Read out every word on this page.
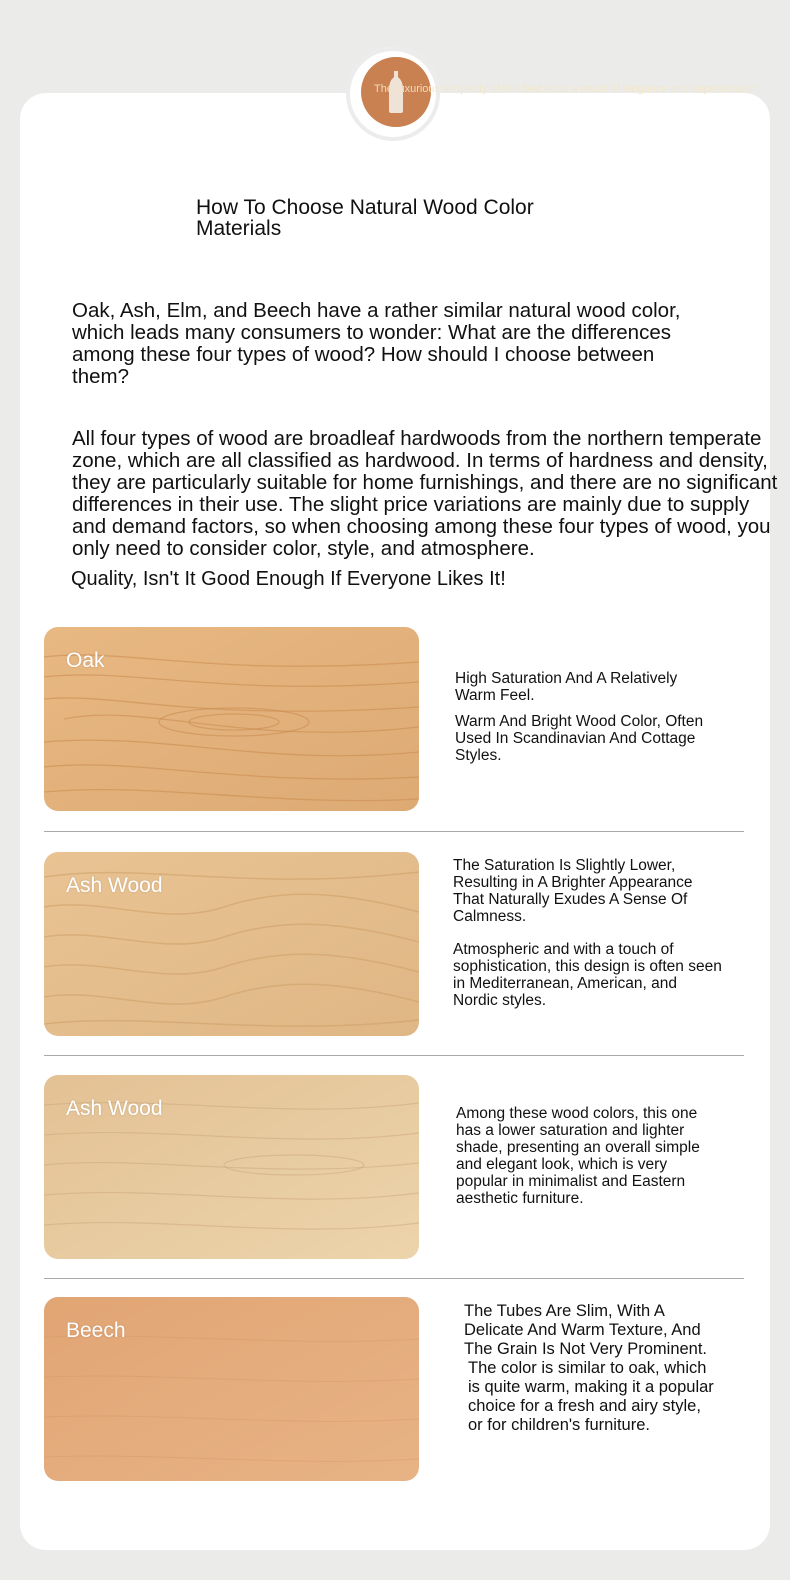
The luxurious simplicity of this bed adds a touch of elegance and sophistication
How To Choose Natural Wood Color Materials
Oak, Ash, Elm, and Beech have a rather similar natural wood color, which leads many consumers to wonder: What are the differences among these four types of wood? How should I choose between them?
All four types of wood are broadleaf hardwoods from the northern temperate zone, which are all classified as hardwood. In terms of hardness and density, they are particularly suitable for home furnishings, and there are no significant differences in their use. The slight price variations are mainly due to supply and demand factors, so when choosing among these four types of wood, you only need to consider color, style, and atmosphere.
Quality, Isn't It Good Enough If Everyone Likes It!
Oak

High Saturation And A Relatively Warm Feel.

Warm And Bright Wood Color, Often Used In Scandinavian And Cottage Styles.

Ash Wood

The Saturation Is Slightly Lower, Resulting in A Brighter Appearance That Naturally Exudes A Sense Of Calmness.

Atmospheric and with a touch of sophistication, this design is often seen in Mediterranean, American, and Nordic styles.

Ash Wood	Among these wood colors, this one has a lower saturation and lighter shade, presenting an overall simple and elegant look, which is very popular in minimalist and Eastern aesthetic furniture.

Beech

The Tubes Are Slim, With A Delicate And Warm Texture, And The Grain Is Not Very Prominent.

The color is similar to oak, which is quite warm, making it a popular choice for a fresh and airy style, or for children's furniture.
